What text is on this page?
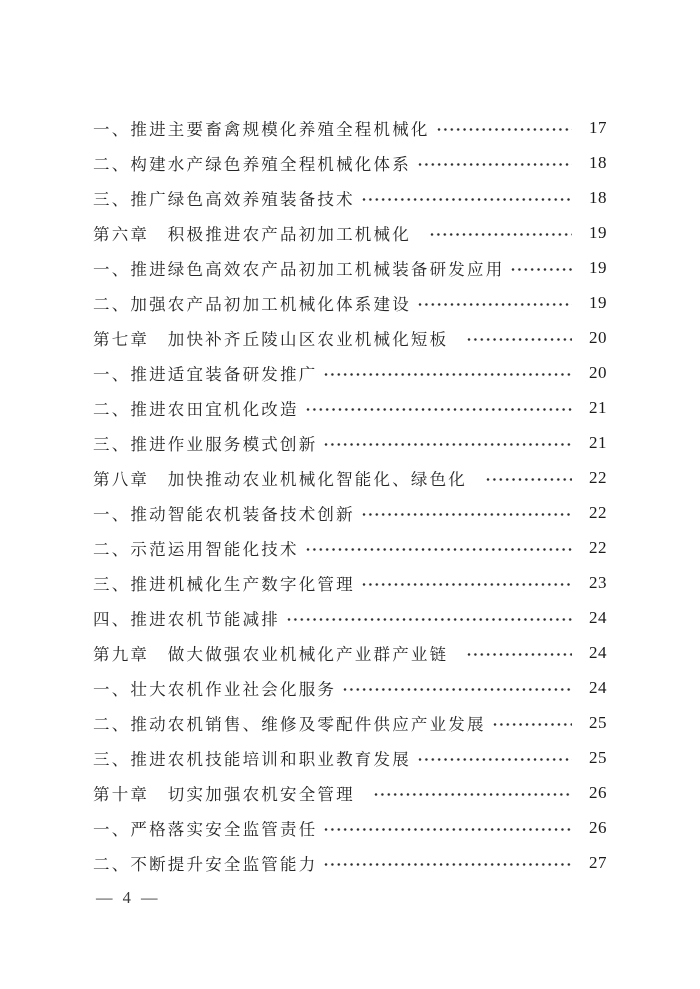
一、推进主要畜禽规模化养殖全程机械化	17
二、构建水产绿色养殖全程机械化体系	18
三、推广绿色高效养殖装备技术	18
第六章　积极推进农产品初加工机械化	19
一、推进绿色高效农产品初加工机械装备研发应用	19
二、加强农产品初加工机械化体系建设	19
第七章　加快补齐丘陵山区农业机械化短板	20
一、推进适宜装备研发推广	20
二、推进农田宜机化改造	21
三、推进作业服务模式创新	21
第八章　加快推动农业机械化智能化、绿色化	22
一、推动智能农机装备技术创新	22
二、示范运用智能化技术	22
三、推进机械化生产数字化管理	23
四、推进农机节能减排	24
第九章　做大做强农业机械化产业群产业链	24
一、壮大农机作业社会化服务	24
二、推动农机销售、维修及零配件供应产业发展	25
三、推进农机技能培训和职业教育发展	25
第十章　切实加强农机安全管理	26
一、严格落实安全监管责任	26
二、不断提升安全监管能力	27
— 4 —
